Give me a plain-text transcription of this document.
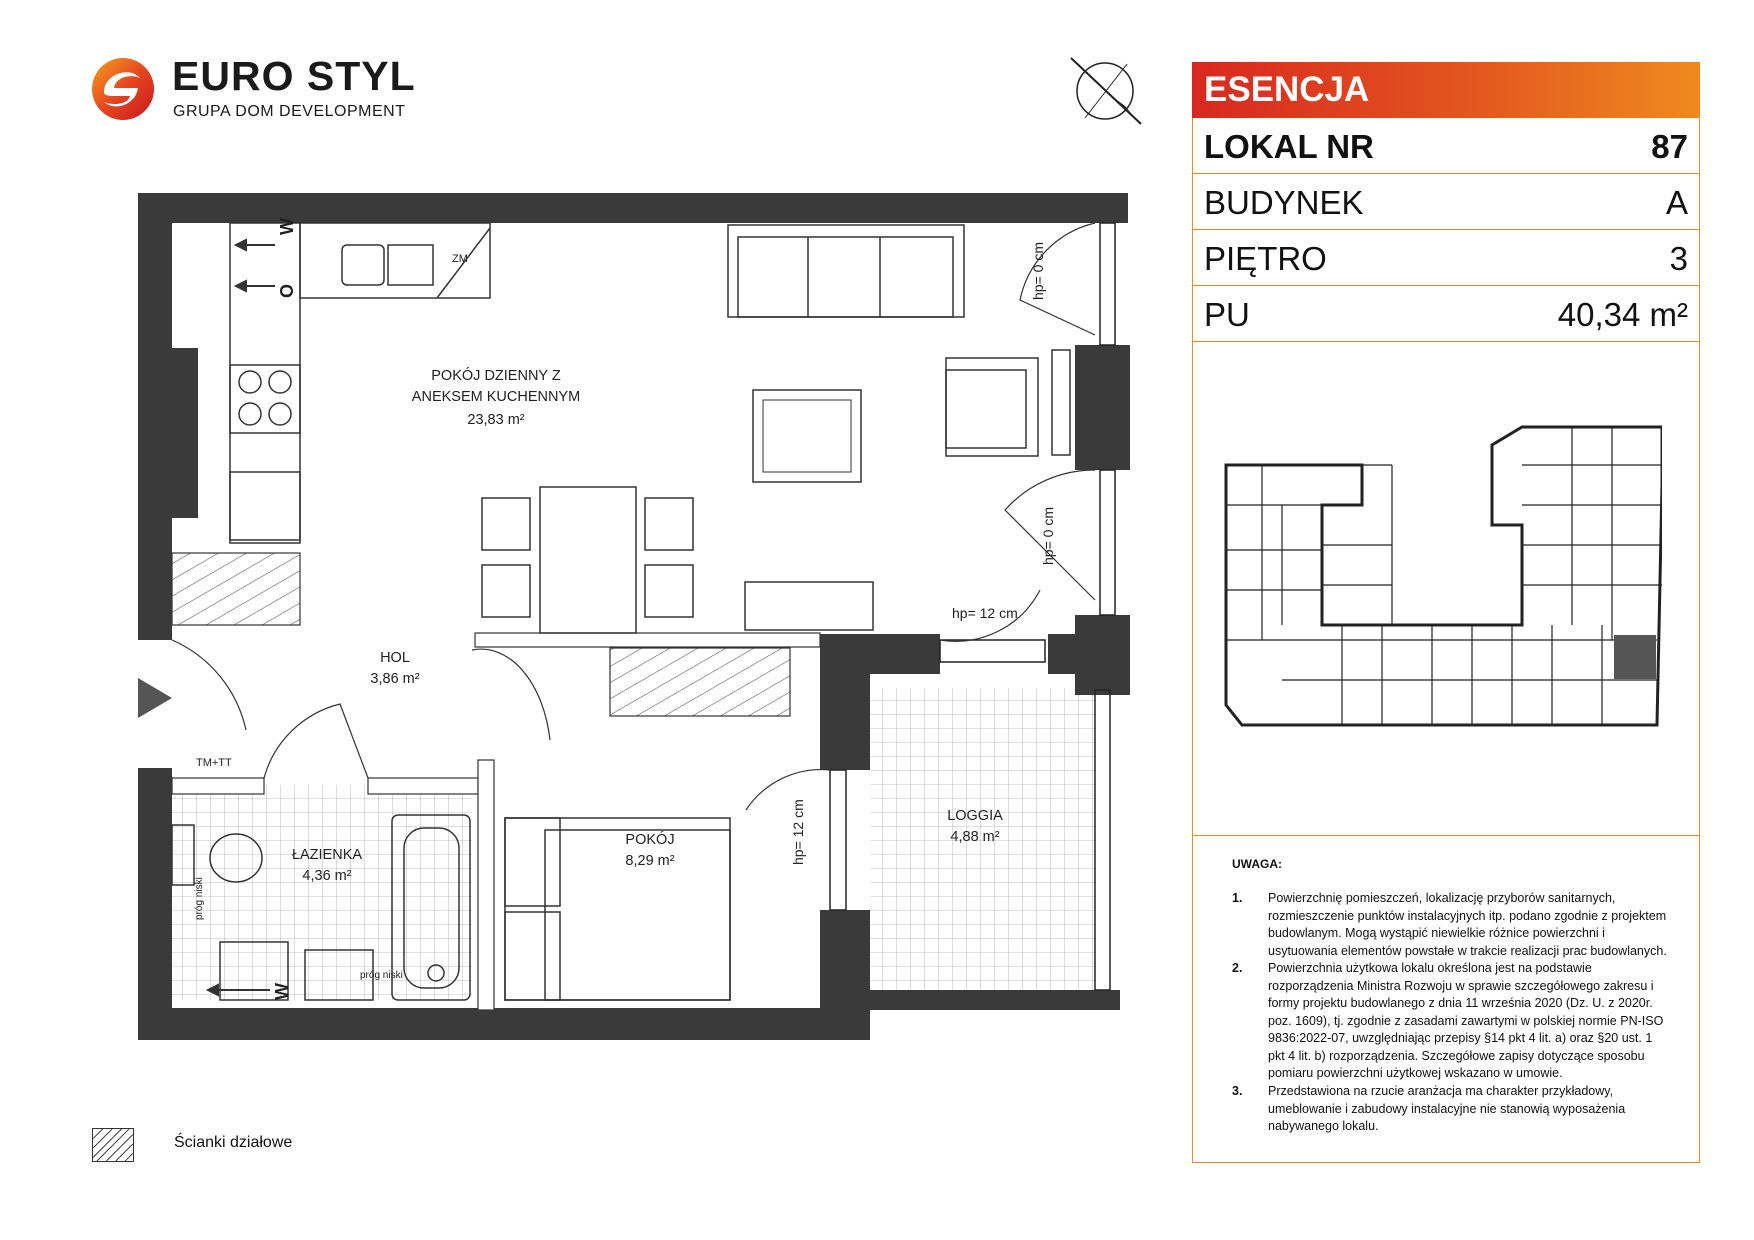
EURO STYL
GRUPA DOM DEVELOPMENT
ESENCJA
LOKAL NR	87
BUDYNEK	A
PIĘTRO	3
PU	40,34 m²
UWAGA:
1. Powierzchnię pomieszczeń, lokalizację przyborów sanitarnych, rozmieszczenie punktów instalacyjnych itp. podano zgodnie z projektem budowlanym. Mogą wystąpić niewielkie różnice powierzchni i usytuowania elementów powstałe w trakcie realizacji prac budowlanych.
2. Powierzchnia użytkowa lokalu określona jest na podstawie rozporządzenia Ministra Rozwoju w sprawie szczegółowego zakresu i formy projektu budowlanego z dnia 11 września 2020 (Dz. U. z 2020r. poz. 1609), tj. zgodnie z zasadami zawartymi w polskiej normie PN-ISO 9836:2022-07, uwzględniając przepisy §14 pkt 4 lit. a) oraz §20 ust. 1 pkt 4 lit. b) rozporządzenia. Szczegółowe zapisy dotyczące sposobu pomiaru powierzchni użytkowej wskazano w umowie.
3. Przedstawiona na rzucie aranżacja ma charakter przykładowy, umeblowanie i zabudowy instalacyjne nie stanowią wyposażenia nabywanego lokalu.
Ścianki działowe
POKÓJ DZIENNY Z
ANEKSEM KUCHENNYM
23,83 m²
HOL
3,86 m²
ŁAZIENKA
4,36 m²
POKÓJ
8,29 m²
LOGGIA
4,88 m²
ZM
TM+TT
hp= 12 cm
hp= 0 cm
hp= 0 cm
hp= 12 cm
próg niski
próg niski
W
O
W
